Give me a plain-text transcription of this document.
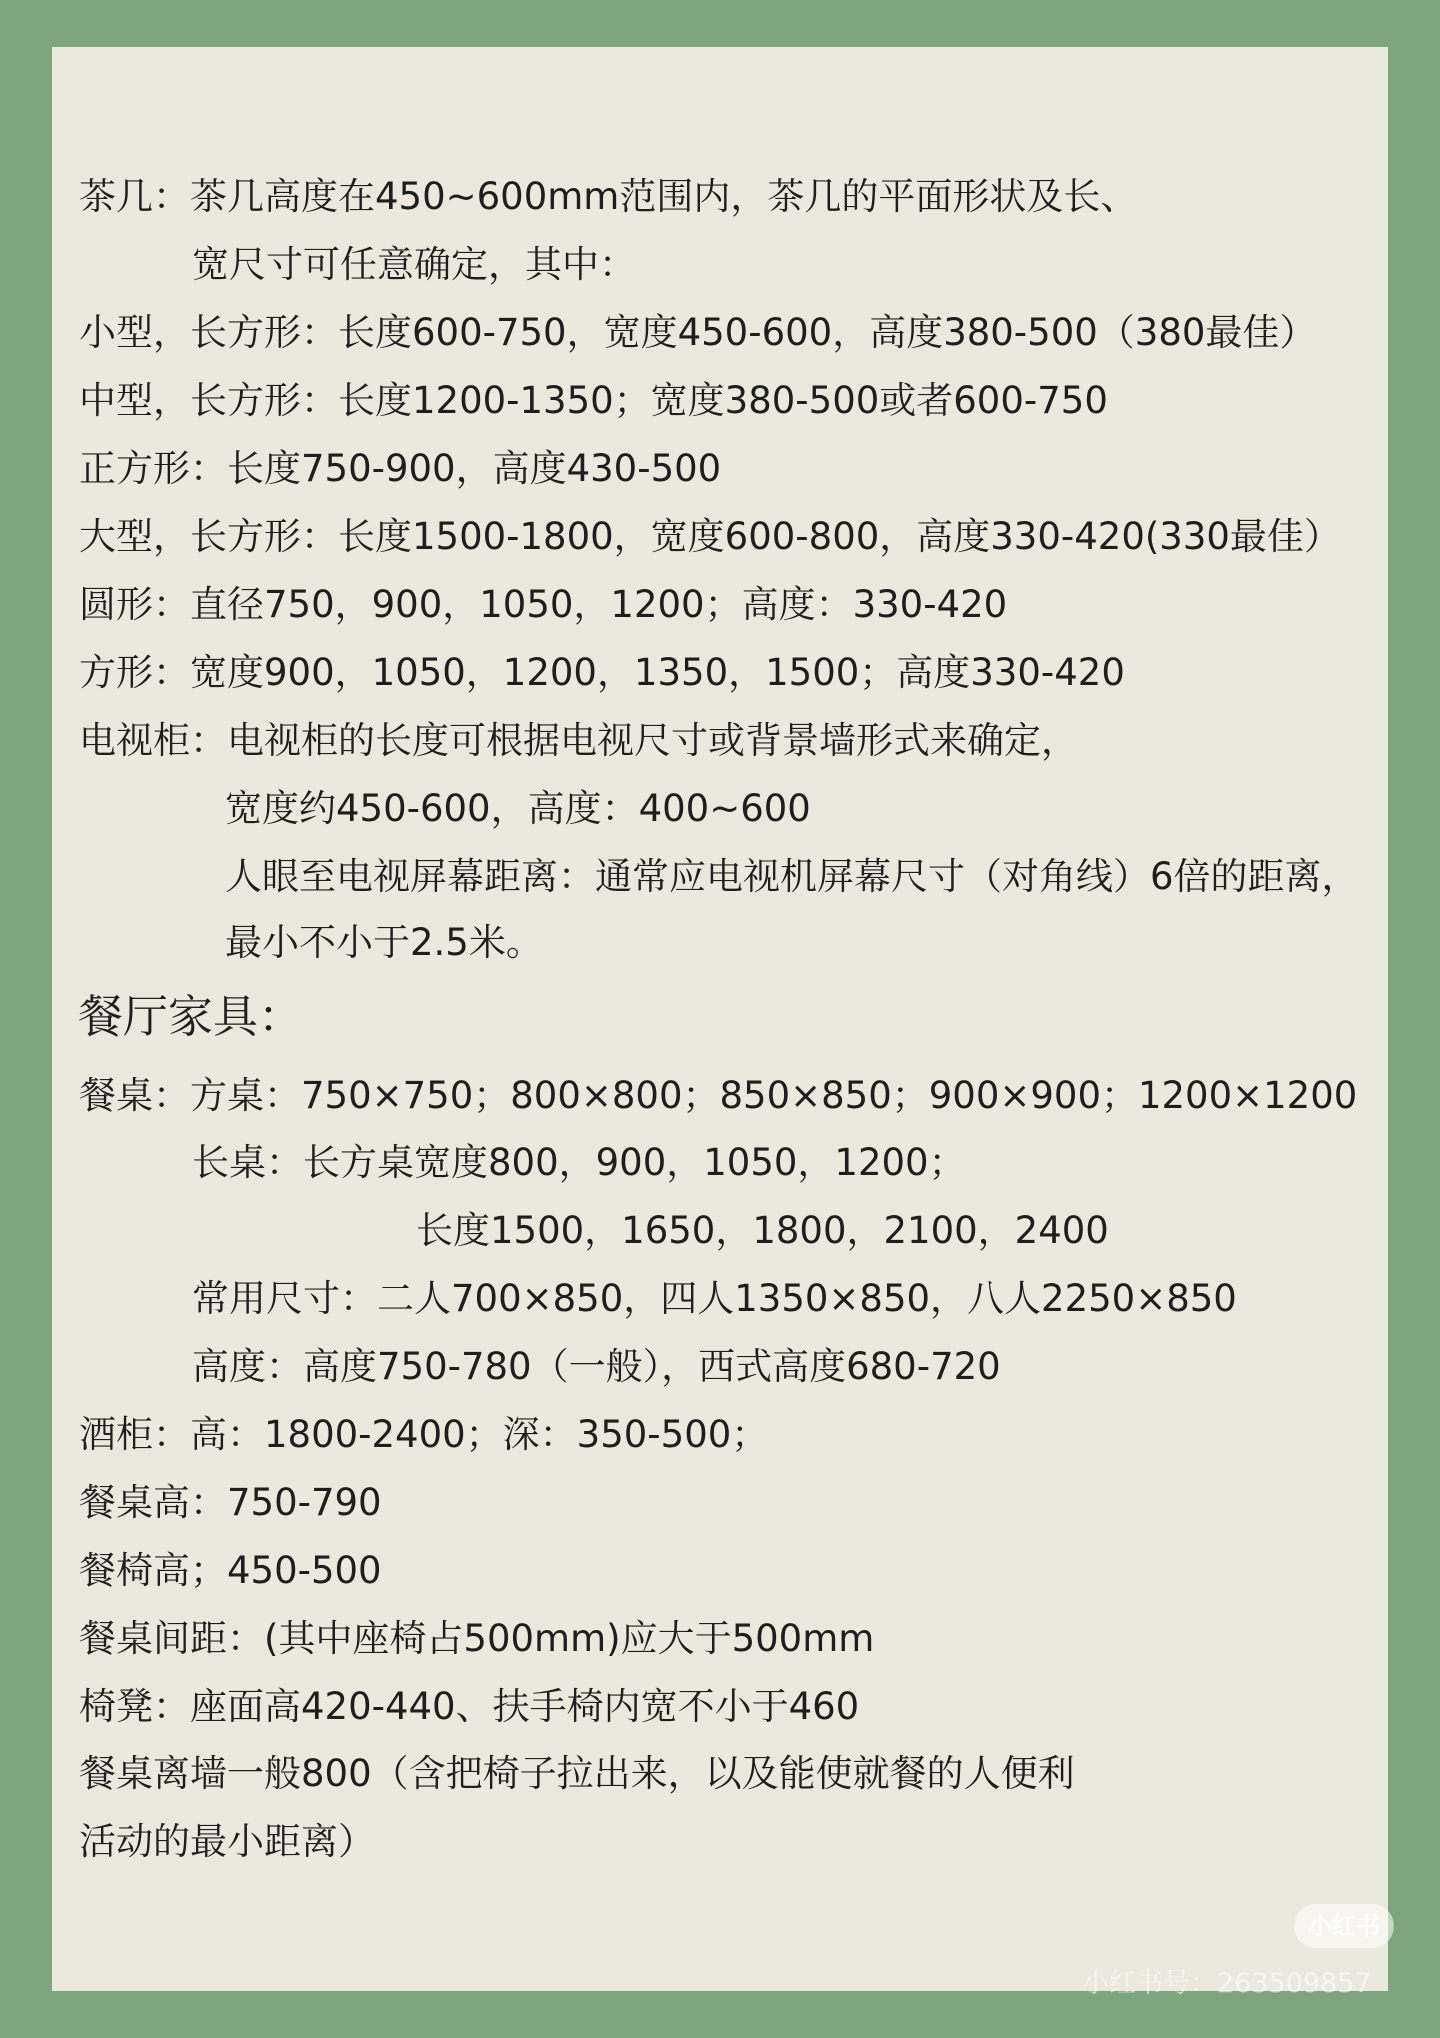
茶几：茶几高度在450~600mm范围内，茶几的平面形状及长、
宽尺寸可任意确定，其中：
小型，长方形：长度600-750，宽度450-600，高度380-500（380最佳）
中型，长方形：长度1200-1350；宽度380-500或者600-750
正方形：长度750-900，高度430-500
大型，长方形：长度1500-1800，宽度600-800，高度330-420(330最佳）
圆形：直径750，900，1050，1200；高度：330-420
方形：宽度900，1050，1200，1350，1500；高度330-420
电视柜：电视柜的长度可根据电视尺寸或背景墙形式来确定，
宽度约450-600，高度：400~600
人眼至电视屏幕距离：通常应电视机屏幕尺寸（对角线）6倍的距离，
最小不小于2.5米。
餐厅家具：
餐桌：方桌：750×750；800×800；850×850；900×900；1200×1200
长桌：长方桌宽度800，900，1050，1200；
长度1500，1650，1800，2100，2400
常用尺寸：二人700×850，四人1350×850，八人2250×850
高度：高度750-780（一般），西式高度680-720
酒柜：高：1800-2400；深：350-500；
餐桌高：750-790
餐椅高；450-500
餐桌间距：(其中座椅占500mm)应大于500mm
椅凳：座面高420-440、扶手椅内宽不小于460
餐桌离墙一般800（含把椅子拉出来，以及能使就餐的人便利
活动的最小距离）
小红书
小红书号：263509857
